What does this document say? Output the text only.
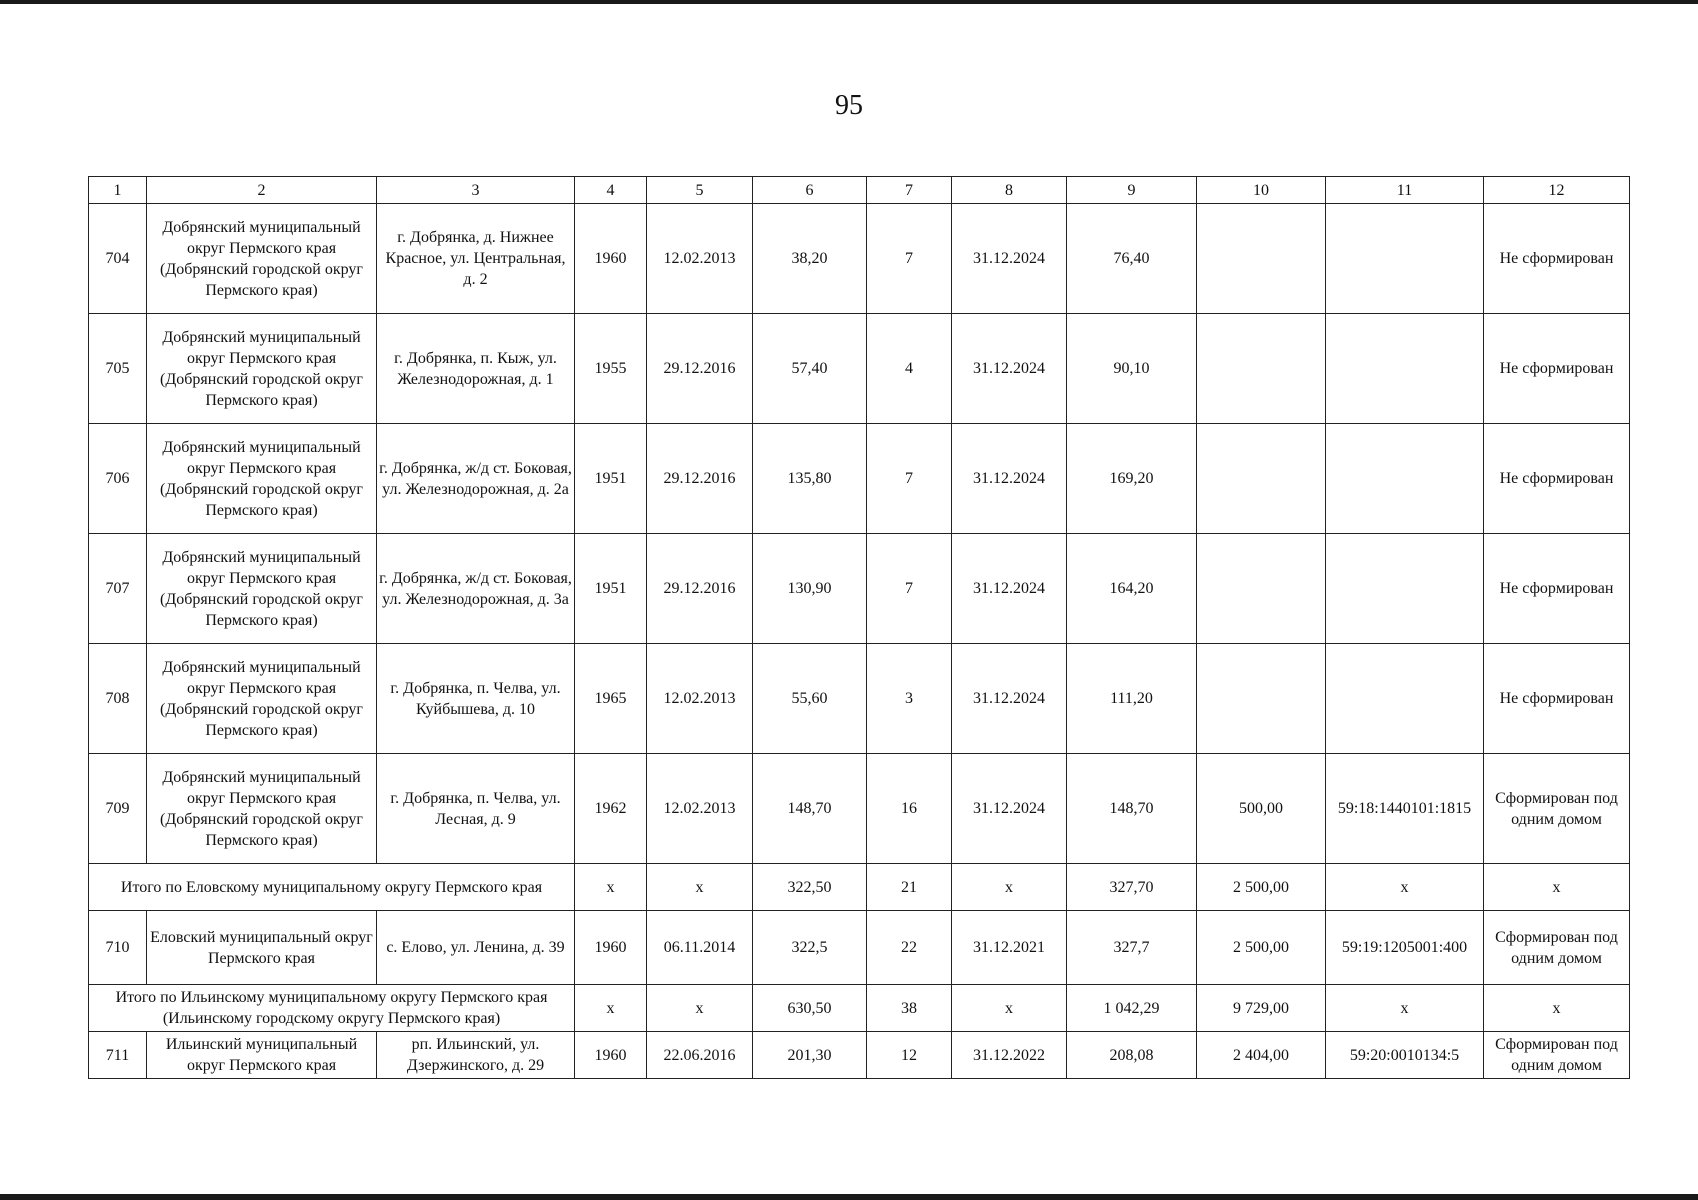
95
1	2	3	4	5	6	7	8	9	10	11	12
704	Добрянский муниципальный округ Пермского края (Добрянский городской округ Пермского края)	г. Добрянка, д. Нижнее Красное, ул. Центральная, д. 2	1960	12.02.2013	38,20	7	31.12.2024	76,40			Не сформирован
705	Добрянский муниципальный округ Пермского края (Добрянский городской округ Пермского края)	г. Добрянка, п. Кыж, ул. Железнодорожная, д. 1	1955	29.12.2016	57,40	4	31.12.2024	90,10			Не сформирован
706	Добрянский муниципальный округ Пермского края (Добрянский городской округ Пермского края)	г. Добрянка, ж/д ст. Боковая, ул. Железнодорожная, д. 2а	1951	29.12.2016	135,80	7	31.12.2024	169,20			Не сформирован
707	Добрянский муниципальный округ Пермского края (Добрянский городской округ Пермского края)	г. Добрянка, ж/д ст. Боковая, ул. Железнодорожная, д. 3а	1951	29.12.2016	130,90	7	31.12.2024	164,20			Не сформирован
708	Добрянский муниципальный округ Пермского края (Добрянский городской округ Пермского края)	г. Добрянка, п. Челва, ул. Куйбышева, д. 10	1965	12.02.2013	55,60	3	31.12.2024	111,20			Не сформирован
709	Добрянский муниципальный округ Пермского края (Добрянский городской округ Пермского края)	г. Добрянка, п. Челва, ул. Лесная, д. 9	1962	12.02.2013	148,70	16	31.12.2024	148,70	500,00	59:18:1440101:1815	Сформирован под одним домом
Итого по Еловскому муниципальному округу Пермского края			x	x	322,50	21	x	327,70	2 500,00	x	x
710	Еловский муниципальный округ Пермского края	с. Елово, ул. Ленина, д. 39	1960	06.11.2014	322,5	22	31.12.2021	327,7	2 500,00	59:19:1205001:400	Сформирован под одним домом
Итого по Ильинскому муниципальному округу Пермского края (Ильинскому городскому округу Пермского края)			x	x	630,50	38	x	1 042,29	9 729,00	x	x
711	Ильинский муниципальный округ Пермского края	рп. Ильинский, ул. Дзержинского, д. 29	1960	22.06.2016	201,30	12	31.12.2022	208,08	2 404,00	59:20:0010134:5	Сформирован под одним домом
